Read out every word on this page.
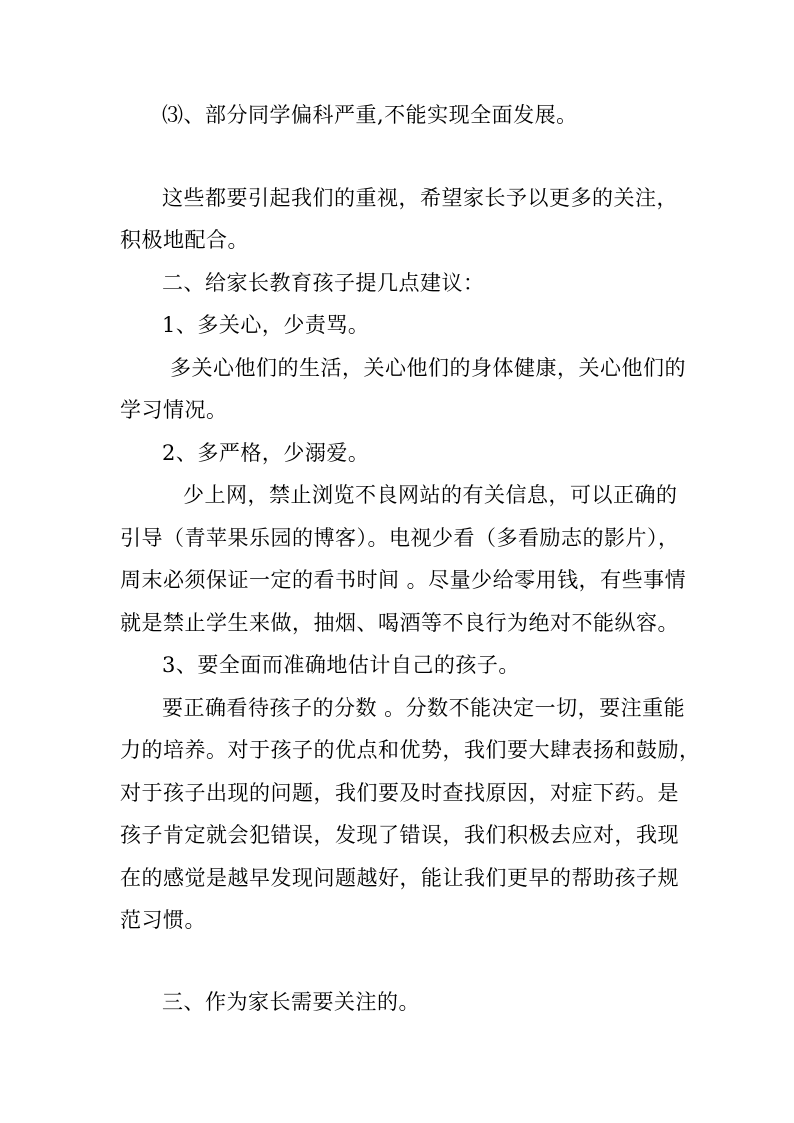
⑶、部分同学偏科严重,不能实现全面发展。
这些都要引起我们的重视，希望家长予以更多的关注，
积极地配合。
二、给家长教育孩子提几点建议：
1、多关心，少责骂。
多关心他们的生活，关心他们的身体健康，关心他们的
学习情况。
2、多严格，少溺爱。
少上网，禁止浏览不良网站的有关信息，可以正确的
引导（青苹果乐园的博客）。电视少看（多看励志的影片），
周末必须保证一定的看书时间 。尽量少给零用钱，有些事情
就是禁止学生来做，抽烟、喝酒等不良行为绝对不能纵容。
3、要全面而准确地估计自己的孩子。
要正确看待孩子的分数 。分数不能决定一切，要注重能
力的培养。对于孩子的优点和优势，我们要大肆表扬和鼓励，
对于孩子出现的问题，我们要及时查找原因，对症下药。是
孩子肯定就会犯错误，发现了错误，我们积极去应对，我现
在的感觉是越早发现问题越好，能让我们更早的帮助孩子规
范习惯。
三、作为家长需要关注的。
